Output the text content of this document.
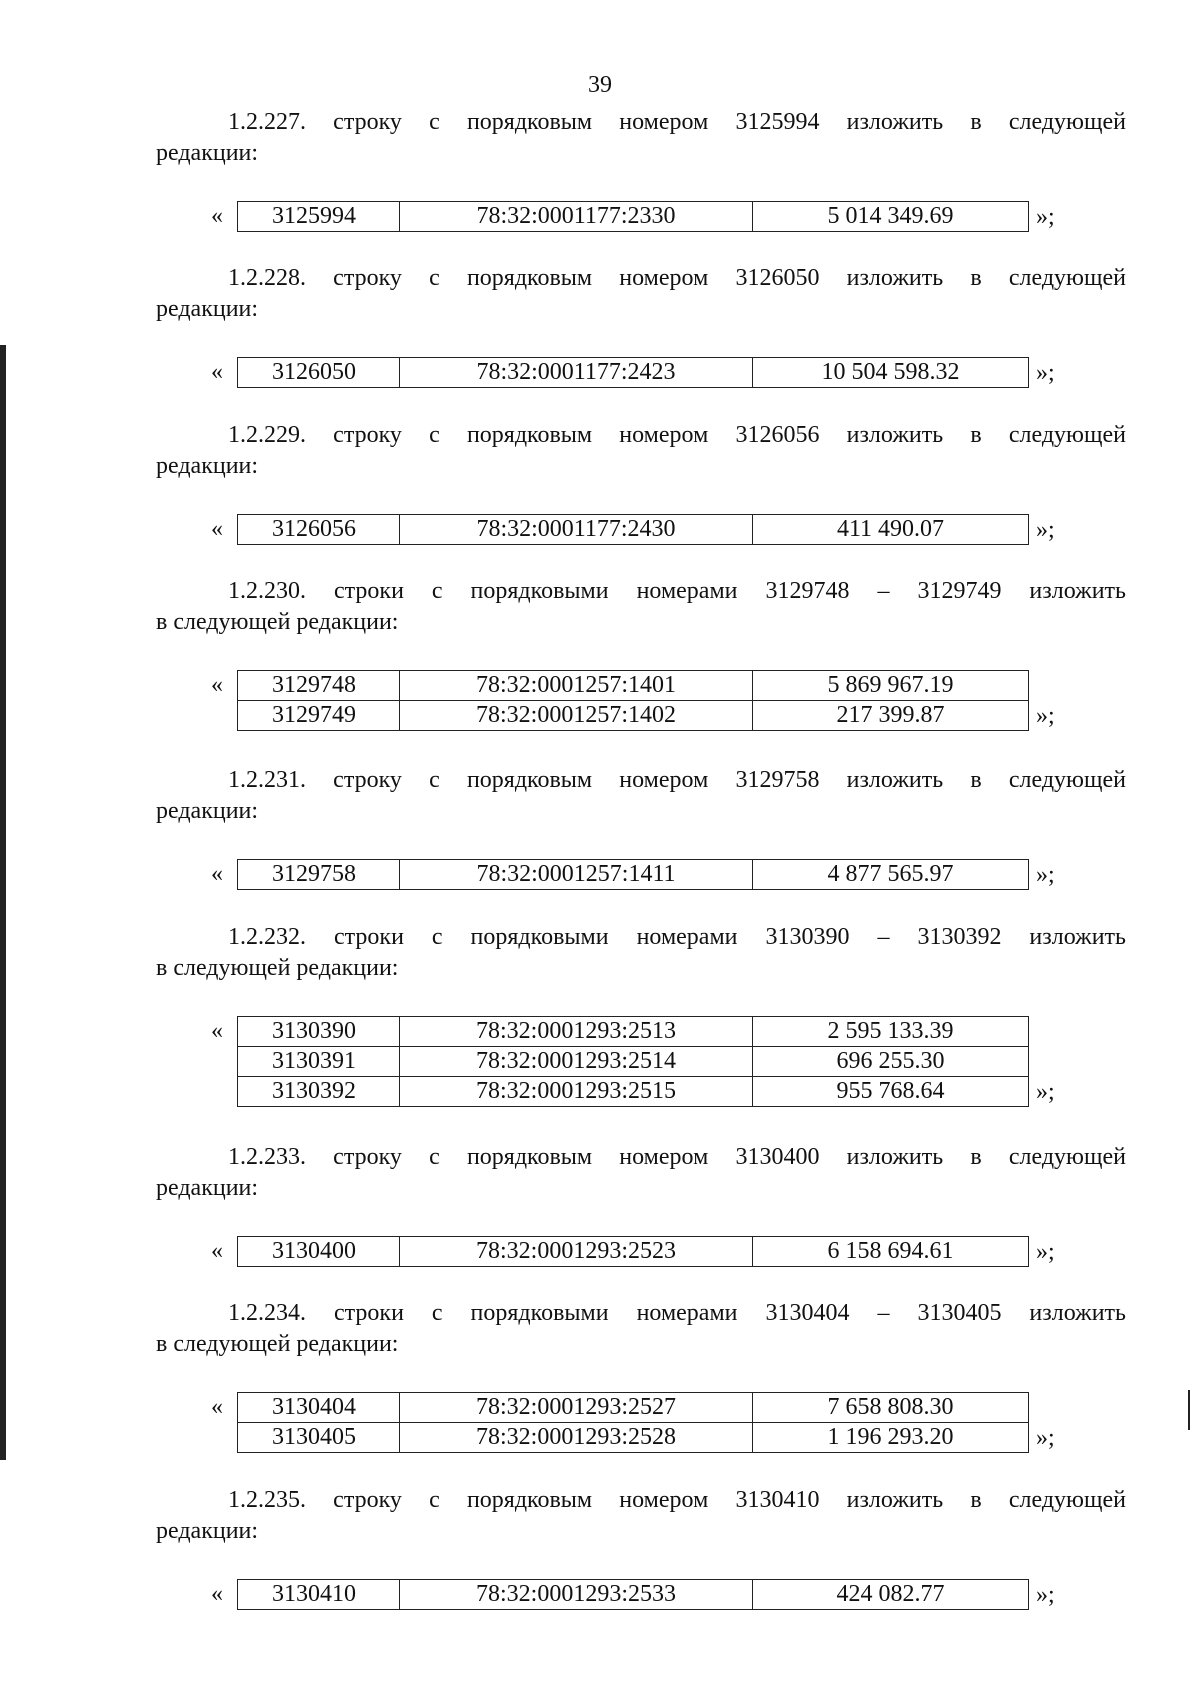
39
1.2.227. строку с порядковым номером 3125994 изложить в следующей
редакции:
« 3125994	78:32:0001177:2330	5 014 349.69	»;
1.2.228. строку с порядковым номером 3126050 изложить в следующей
редакции:
« 3126050	78:32:0001177:2423	10 504 598.32	»;
1.2.229. строку с порядковым номером 3126056 изложить в следующей
редакции:
« 3126056	78:32:0001177:2430	411 490.07	»;
1.2.230. строки с порядковыми номерами 3129748 – 3129749 изложить
в следующей редакции:
« 3129748	78:32:0001257:1401	5 869 967.19
3129749	78:32:0001257:1402	217 399.87	»;
1.2.231. строку с порядковым номером 3129758 изложить в следующей
редакции:
« 3129758	78:32:0001257:1411	4 877 565.97	»;
1.2.232. строки с порядковыми номерами 3130390 – 3130392 изложить
в следующей редакции:
« 3130390	78:32:0001293:2513	2 595 133.39
3130391	78:32:0001293:2514	696 255.30
3130392	78:32:0001293:2515	955 768.64	»;
1.2.233. строку с порядковым номером 3130400 изложить в следующей
редакции:
« 3130400	78:32:0001293:2523	6 158 694.61	»;
1.2.234. строки с порядковыми номерами 3130404 – 3130405 изложить
в следующей редакции:
« 3130404	78:32:0001293:2527	7 658 808.30
3130405	78:32:0001293:2528	1 196 293.20	»;
1.2.235. строку с порядковым номером 3130410 изложить в следующей
редакции:
« 3130410	78:32:0001293:2533	424 082.77	»;
